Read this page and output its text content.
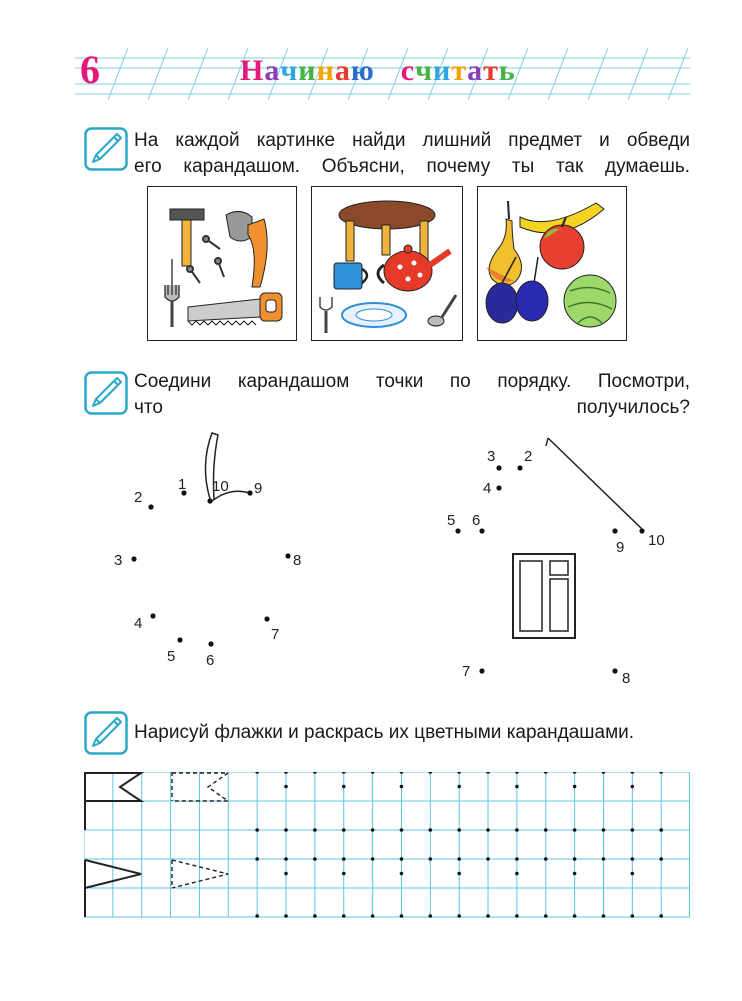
6	Начинаю считать
На каждой картинке найди лишний предмет и обведи
его карандашом. Объясни, почему ты так думаешь.
Соедини карандашом точки по порядку. Посмотри,
что получилось?
1
2
3
4
5 6
7
8
9
10
2
3
4
5 6
7	8
9 10
Нарисуй флажки и раскрась их цветными карандашами.
